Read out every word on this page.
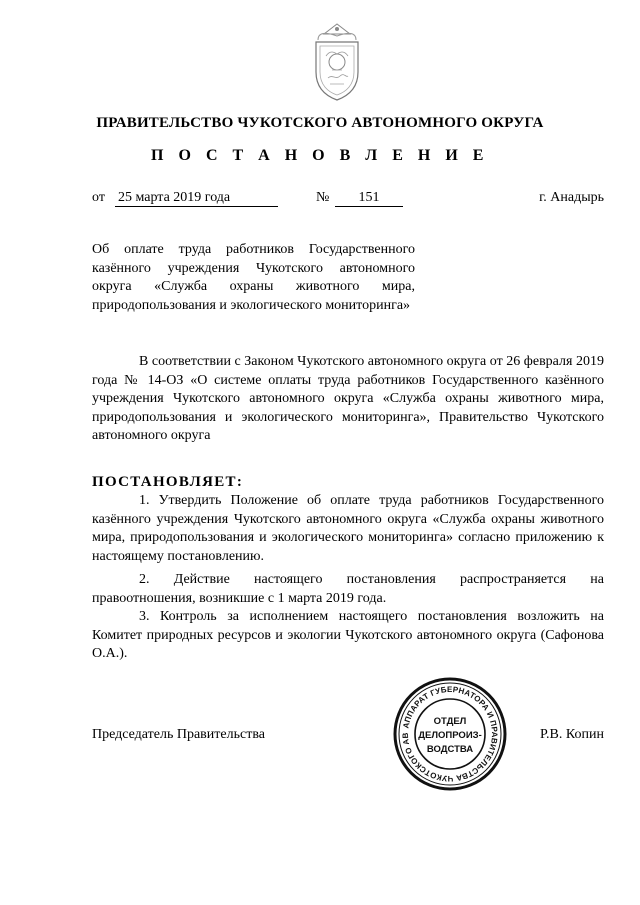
ПРАВИТЕЛЬСТВО ЧУКОТСКОГО АВТОНОМНОГО ОКРУГА
П О С Т А Н О В Л Е Н И Е
от 25 марта 2019 года	№	151	г. Анадырь
Об оплате труда работников Государственного казённого учреждения Чукотского автономного округа «Служба охраны животного мира, природопользования и экологического мониторинга»

В соответствии с Законом Чукотского автономного округа от 26 февраля 2019 года № 14-ОЗ «О системе оплаты труда работников Государственного казённого учреждения Чукотского автономного округа «Служба охраны животного мира, природопользования и экологического мониторинга», Правительство Чукотского автономного округа

ПОСТАНОВЛЯЕТ:

1. Утвердить Положение об оплате труда работников Государственного казённого учреждения Чукотского автономного округа «Служба охраны животного мира, природопользования и экологического мониторинга» согласно приложению к настоящему постановлению.

2. Действие настоящего постановления распространяется на правоотношения, возникшие с 1 марта 2019 года.

3. Контроль за исполнением настоящего постановления возложить на Комитет природных ресурсов и экологии Чукотского автономного округа (Сафонова О.А.).

Председатель Правительства	Р.В. Копин
АППАРАТ ГУБЕРНАТОРА И ПРАВИТЕЛЬСТВА ЧУКОТСКОГО АВ
ОТДЕЛ
ДЕЛОПРОИЗ-
ВОДСТВА
